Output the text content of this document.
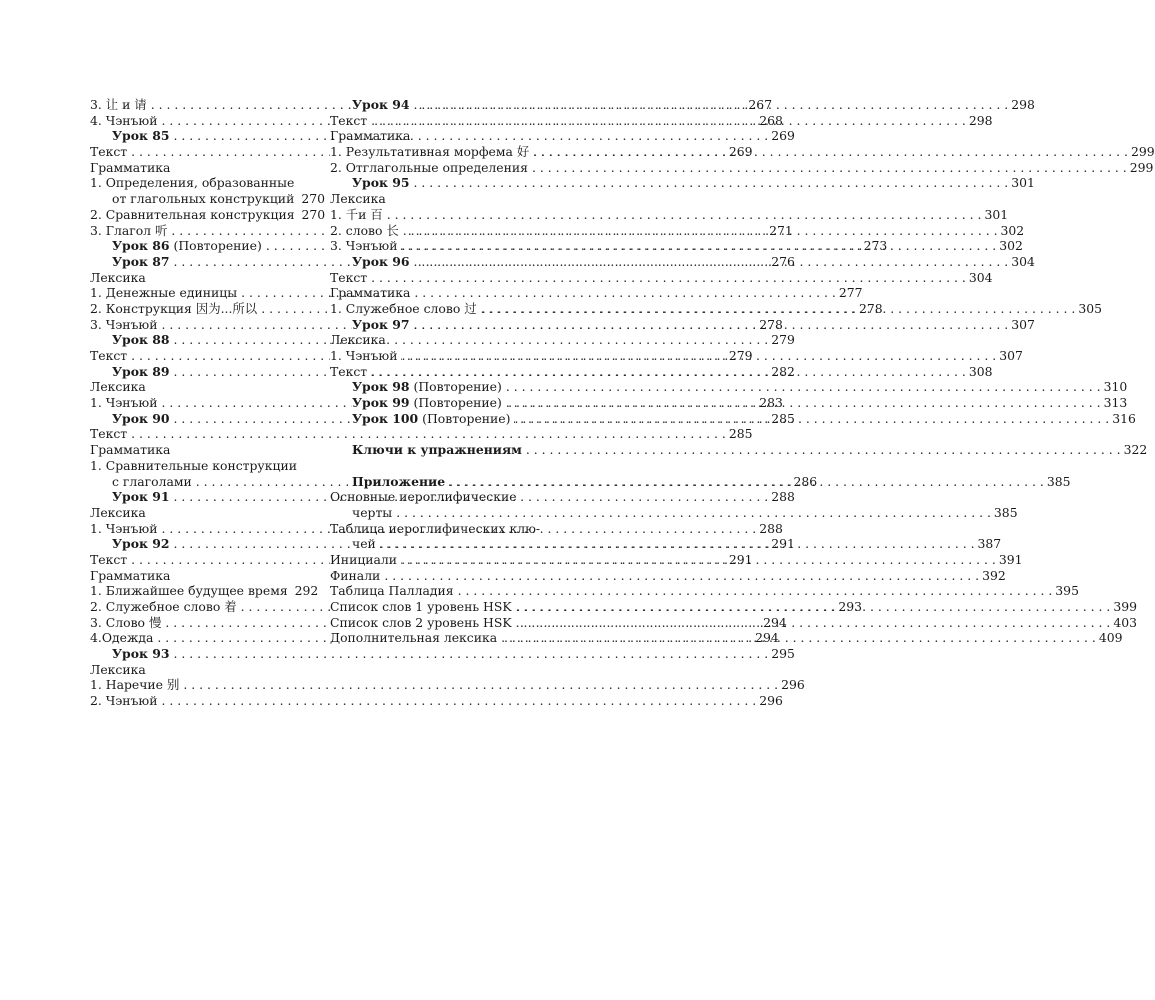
3. 让 и 请 . . .	267
4. Чэнъюй . . .	268
Урок 85 . . .	269
Текст . . .	269
Грамматика
1. Определения, образованные
от глагольных конструкций 270
2. Сравнительная конструкция 270
3. Глагол 听 . . .	271
Урок 86 (Повторение) . . .	273
Урок 87 . . .	276
Лексика
1. Денежные единицы . . .	277
2. Конструкция 因为...所以 . . .	278
3. Чэнъюй . . .	278
Урок 88 . . .	279
Текст . . .	279
Урок 89 . . .	282
Лексика
1. Чэнъюй . . .	283
Урок 90 . . .	285
Текст . . .	285
Грамматика
1. Сравнительные конструкции
с глаголами . . .	286
Урок 91 . . .	288
Лексика
1. Чэнъюй . . .	288
Урок 92 . . .	291
Текст . . .	291
Грамматика
1. Ближайшее будущее время 292
2. Служебное слово 着 . . .	293
3. Слово 慢 . . .	294
4.Одежда . . .	294
Урок 93 . . .	295
Лексика
1. Наречие 别 . . .	296
2. Чэнъюй . . .	296
Урок 94 . . .	298
Текст . . .	298
Грамматика
1. Результативная морфема 好 . . .	299
2. Отглагольные определения . . .	299
Урок 95 . . .	301
Лексика
1. 千и 百 . . .	301
2. слово 长 . . .	302
3. Чэнъюй . . .	302
Урок 96 . . .	304
Текст . . .	304
Грамматика
1. Служебное слово 过 . . .	305
Урок 97 . . .	307
Лексика
1. Чэнъюй . . .	307
Текст . . .	308
Урок 98 (Повторение) . . .	310
Урок 99 (Повторение) . . .	313
Урок 100 (Повторение) . . .	316
Ключи к упражнениям . . .	322
Приложение . . .	385
Основные иероглифические
черты . . .	385
Таблица иероглифических клю-
чей . . .	387
Инициали . . .	391
Финали . . .	392
Таблица Палладия . . .	395
Список слов 1 уровень HSK . . .	399
Список слов 2 уровень HSK . . .	403
Дополнительная лексика . . .	409
